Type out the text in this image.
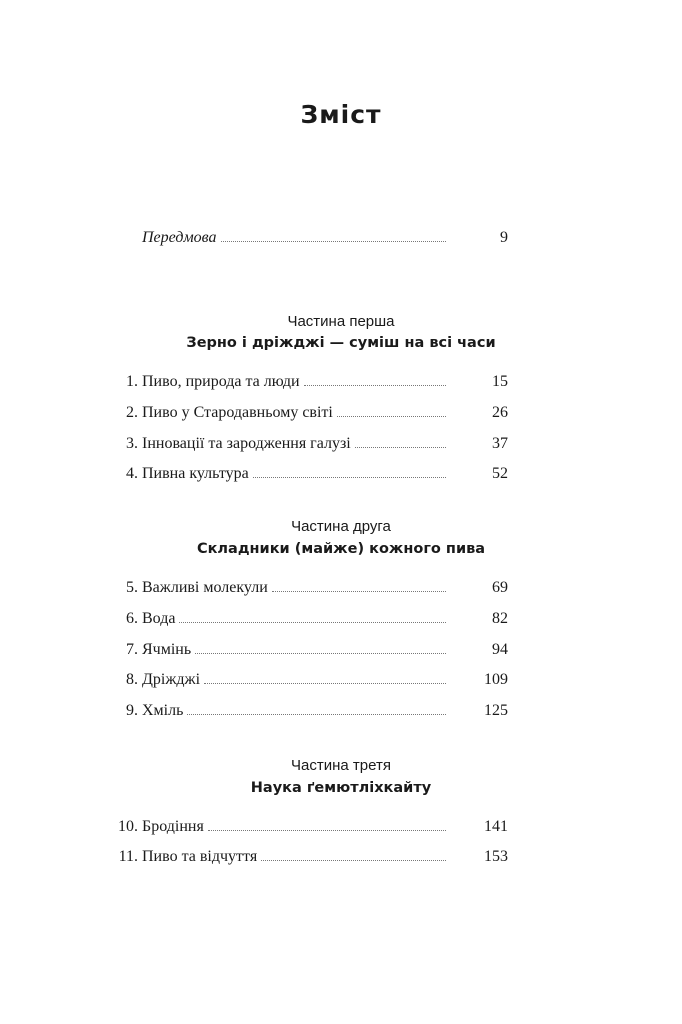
Зміст
Передмова	9
Частина перша
Зерно і дріжджі — суміш на всі часи
1. Пиво, природа та люди	15
2. Пиво у Стародавньому світі	26
3. Інновації та зародження галузі	37
4. Пивна культура	52
Частина друга
Складники (майже) кожного пива
5. Важливі молекули	69
6. Вода	82
7. Ячмінь	94
8. Дріжджі	109
9. Хміль	125
Частина третя
Наука ґемютліхкайту
10. Бродіння	141
11. Пиво та відчуття	153
